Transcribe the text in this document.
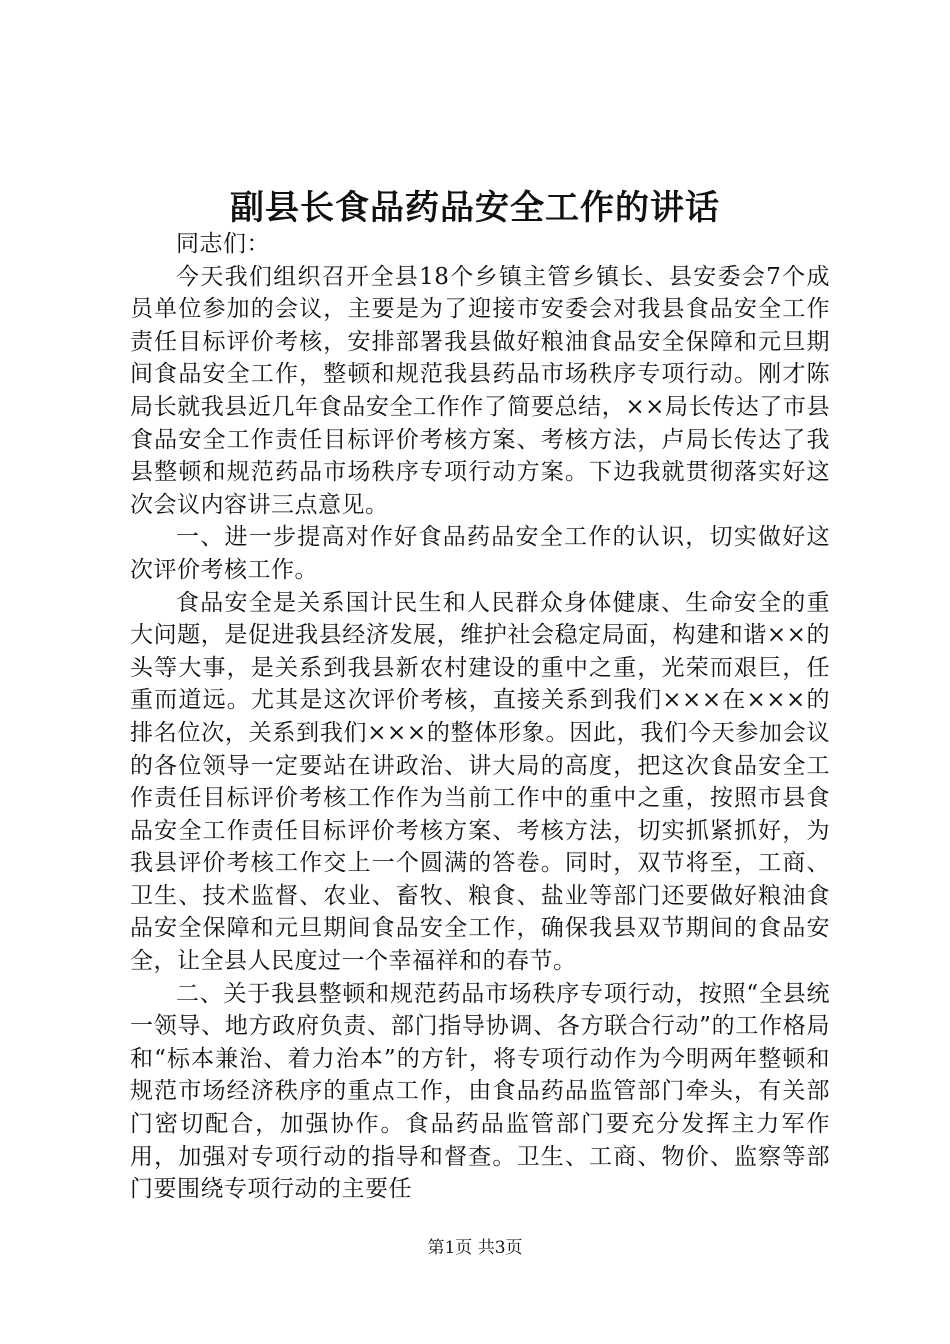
副县长食品药品安全工作的讲话

同志们：

今天我们组织召开全县18个乡镇主管乡镇长、县安委会7个成员单位参加的会议，主要是为了迎接市安委会对我县食品安全工作责任目标评价考核，安排部署我县做好粮油食品安全保障和元旦期间食品安全工作，整顿和规范我县药品市场秩序专项行动。刚才陈局长就我县近几年食品安全工作作了简要总结，××局长传达了市县食品安全工作责任目标评价考核方案、考核方法，卢局长传达了我县整顿和规范药品市场秩序专项行动方案。下边我就贯彻落实好这次会议内容讲三点意见。

一、进一步提高对作好食品药品安全工作的认识，切实做好这次评价考核工作。

食品安全是关系国计民生和人民群众身体健康、生命安全的重大问题，是促进我县经济发展，维护社会稳定局面，构建和谐××的头等大事，是关系到我县新农村建设的重中之重，光荣而艰巨，任重而道远。尤其是这次评价考核，直接关系到我们×××在×××的排名位次，关系到我们×××的整体形象。因此，我们今天参加会议的各位领导一定要站在讲政治、讲大局的高度，把这次食品安全工作责任目标评价考核工作作为当前工作中的重中之重，按照市县食品安全工作责任目标评价考核方案、考核方法，切实抓紧抓好，为我县评价考核工作交上一个圆满的答卷。同时，双节将至，工商、卫生、技术监督、农业、畜牧、粮食、盐业等部门还要做好粮油食品安全保障和元旦期间食品安全工作，确保我县双节期间的食品安全，让全县人民度过一个幸福祥和的春节。

二、关于我县整顿和规范药品市场秩序专项行动，按照“全县统一领导、地方政府负责、部门指导协调、各方联合行动”的工作格局和“标本兼治、着力治本”的方针，将专项行动作为今明两年整顿和规范市场经济秩序的重点工作，由食品药品监管部门牵头，有关部门密切配合，加强协作。食品药品监管部门要充分发挥主力军作用，加强对专项行动的指导和督查。卫生、工商、物价、监察等部门要围绕专项行动的主要任

第1页 共3页
